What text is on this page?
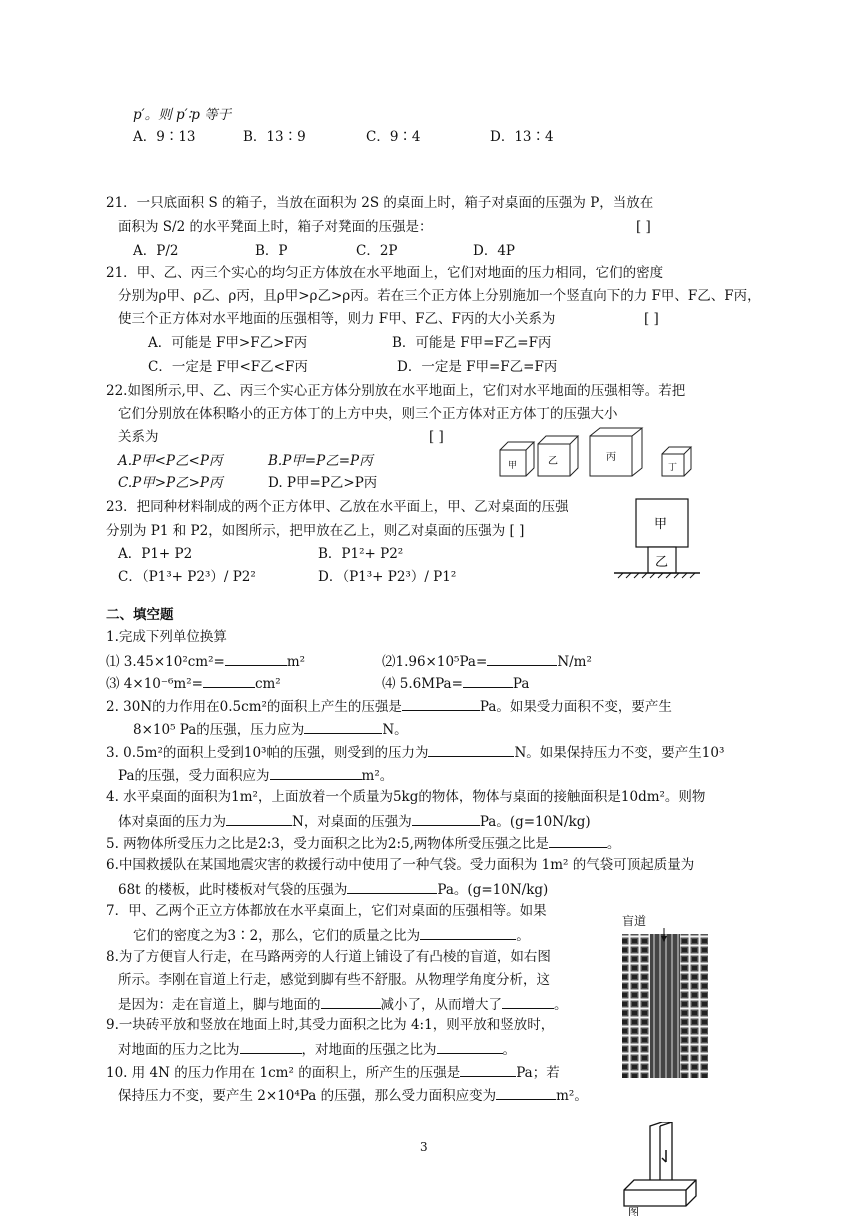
p′。则 p′∶p 等于
A．9∶13	B．13∶9	C．9∶4	D．13∶4
21．一只底面积 S 的箱子，当放在面积为 2S 的桌面上时，箱子对桌面的压强为 P，当放在
面积为 S/2 的水平凳面上时，箱子对凳面的压强是：	[ ]
A．P/2	B．P	C．2P	D．4P
21．甲、乙、丙三个实心的均匀正方体放在水平地面上，它们对地面的压力相同，它们的密度
分别为ρ甲、ρ乙、ρ丙，且ρ甲>ρ乙>ρ丙。若在三个正方体上分别施加一个竖直向下的力 F甲、F乙、F丙，
使三个正方体对水平地面的压强相等，则力 F甲、F乙、F丙的大小关系为	[ ]
A．可能是 F甲>F乙>F丙	B．可能是 F甲=F乙=F丙
C．一定是 F甲<F乙<F丙	D．一定是 F甲=F乙=F丙
22.如图所示,甲、乙、丙三个实心正方体分别放在水平地面上，它们对水平地面的压强相等。若把
它们分别放在体积略小的正方体丁的上方中央，则三个正方体对正方体丁的压强大小
关系为	[ ]
A.P甲<P乙<P丙	B.P甲=P乙=P丙
C.P甲>P乙>P丙	D. P甲=P乙>P丙
甲	乙	丙
丁
23．把同种材料制成的两个正方体甲、乙放在水平面上，甲、乙对桌面的压强
分别为 P1 和 P2，如图所示，把甲放在乙上，则乙对桌面的压强为 [ ]
A．P1+ P2	B．P1²+ P2²
C．（P1³+ P2³）/ P2²	D．（P1³+ P2³）/ P1²
甲
乙
二、填空题
1.完成下列单位换算
⑴ 3.45×10²cm²=	m²	⑵1.96×10⁵Pa=	N/m²
⑶ 4×10⁻⁶m²=	cm²	⑷ 5.6MPa=	Pa
2. 30N的力作用在0.5cm²的面积上产生的压强是	Pa。如果受力面积不变，要产生
8×10⁵ Pa的压强，压力应为	N。
3. 0.5m²的面积上受到10³帕的压强，则受到的压力为	N。如果保持压力不变，要产生10³
Pa的压强，受力面积应为	m²。
4. 水平桌面的面积为1m²，上面放着一个质量为5kg的物体，物体与桌面的接触面积是10dm²。则物
体对桌面的压力为	N，对桌面的压强为	Pa。(g=10N/kg)
5. 两物体所受压力之比是2:3，受力面积之比为2:5,两物体所受压强之比是	。
6.中国救援队在某国地震灾害的救援行动中使用了一种气袋。受力面积为 1m² 的气袋可顶起质量为
68t 的楼板，此时楼板对气袋的压强为	Pa。(g=10N/kg)
7．甲、乙两个正立方体都放在水平桌面上，它们对桌面的压强相等。如果
它们的密度之为3∶2，那么，它们的质量之比为	。
8.为了方便盲人行走，在马路两旁的人行道上铺设了有凸棱的盲道，如右图
所示。李刚在盲道上行走，感觉到脚有些不舒服。从物理学角度分析，这
是因为：走在盲道上，脚与地面的	减小了，从而增大了	。
9.一块砖平放和竖放在地面上时,其受力面积之比为 4:1，则平放和竖放时，
对地面的压力之比为	，对地面的压强之比为	。
10. 用 4N 的压力作用在 1cm² 的面积上，所产生的压强是	Pa；若
保持压力不变，要产生 2×10⁴Pa 的压强，那么受力面积应变为	m²。
盲道
3
图
